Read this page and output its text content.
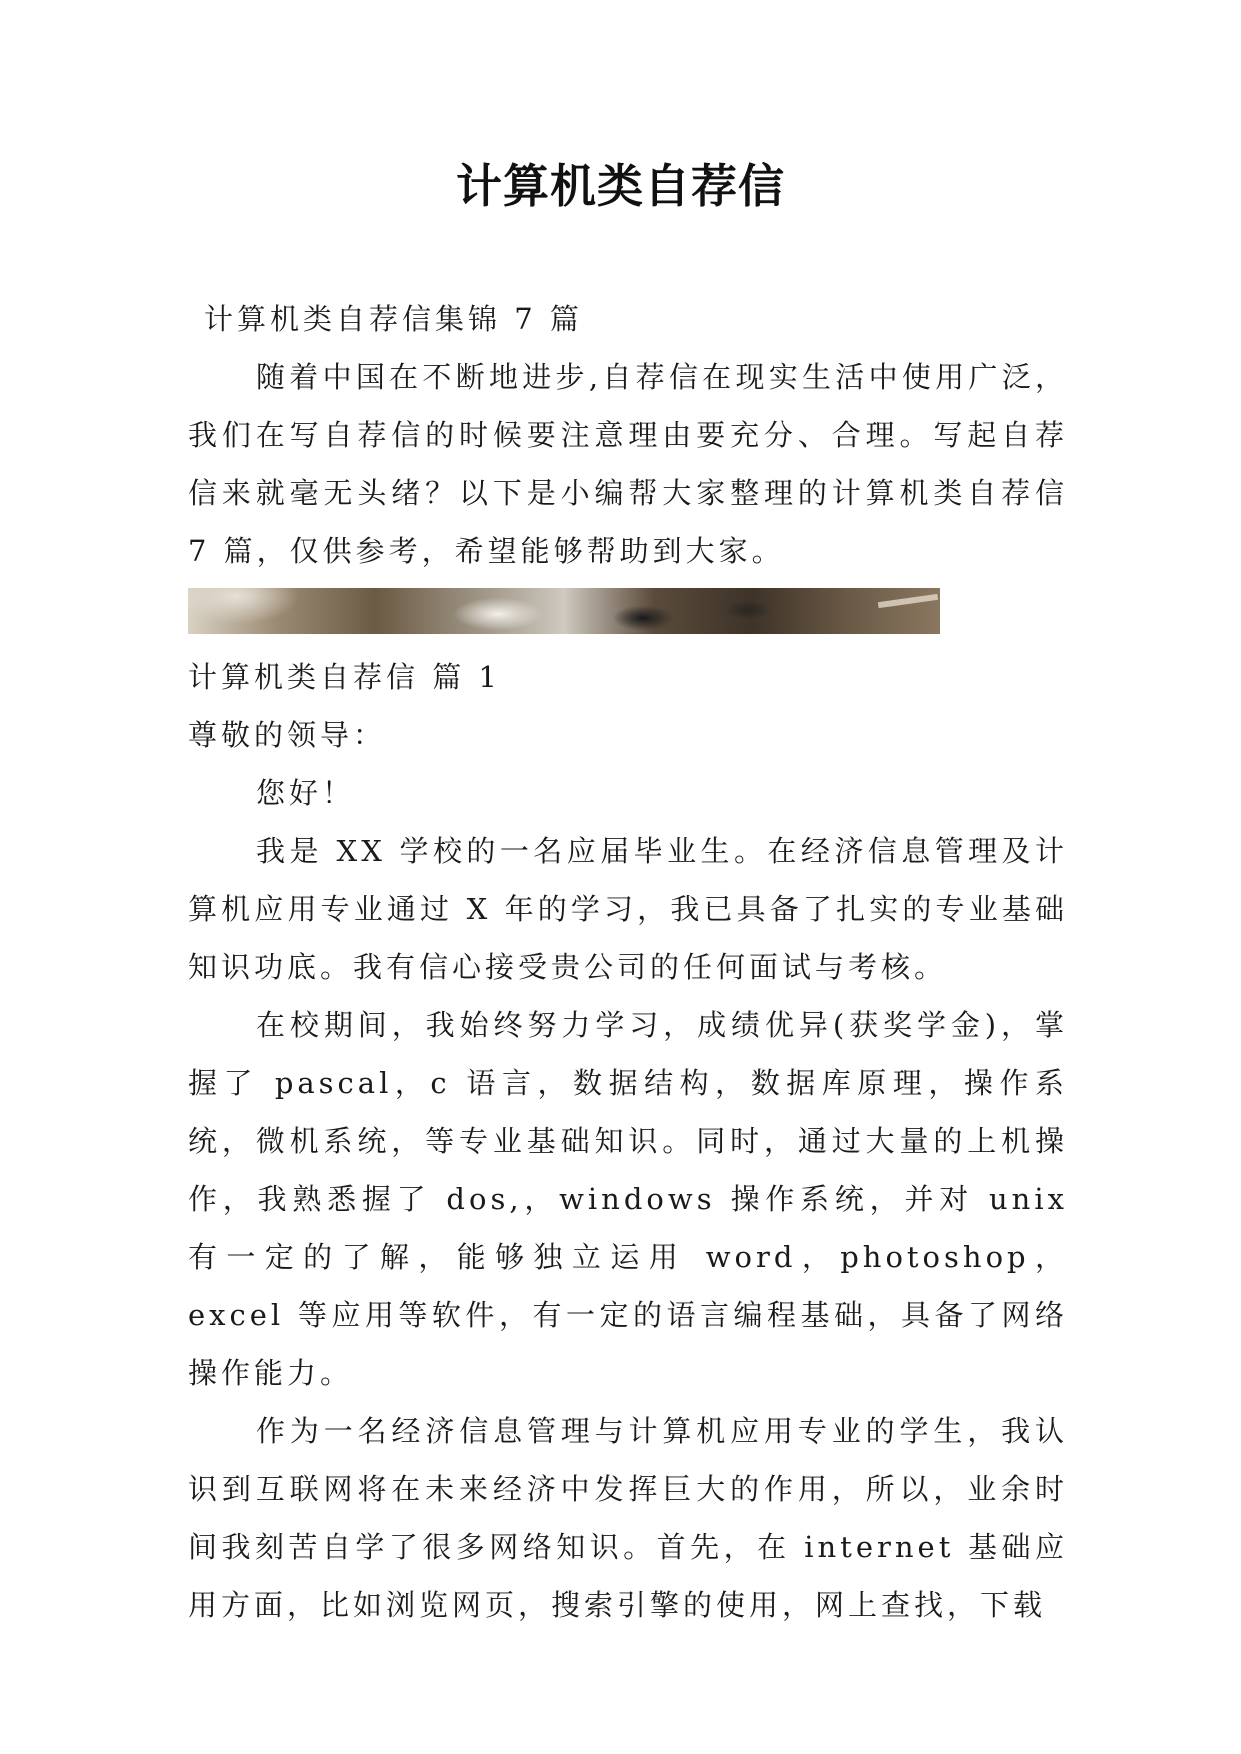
计算机类自荐信

计算机类自荐信集锦 7 篇

随着中国在不断地进步,自荐信在现实生活中使用广泛，我们在写自荐信的时候要注意理由要充分、合理。写起自荐信来就毫无头绪？以下是小编帮大家整理的计算机类自荐信 7 篇，仅供参考，希望能够帮助到大家。

计算机类自荐信 篇 1

尊敬的领导：

您好！

我是 XX 学校的一名应届毕业生。在经济信息管理及计算机应用专业通过 X 年的学习，我已具备了扎实的专业基础知识功底。我有信心接受贵公司的任何面试与考核。

在校期间，我始终努力学习，成绩优异(获奖学金)，掌握了 pascal，c 语言，数据结构，数据库原理，操作系统，微机系统，等专业基础知识。同时，通过大量的上机操作，我熟悉握了 dos,，windows 操作系统，并对 unix 有一定的了解，能够独立运用 word，photoshop，excel 等应用等软件，有一定的语言编程基础，具备了网络操作能力。

作为一名经济信息管理与计算机应用专业的学生，我认识到互联网将在未来经济中发挥巨大的作用，所以，业余时间我刻苦自学了很多网络知识。首先，在 internet 基础应用方面，比如浏览网页，搜索引擎的使用，网上查找，下载
